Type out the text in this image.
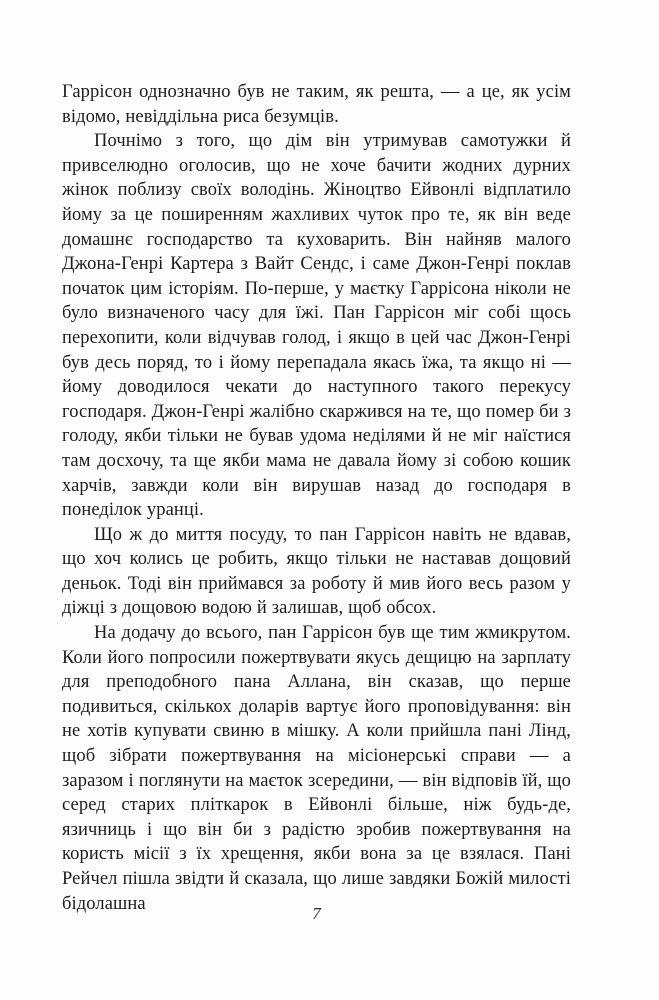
Гаррісон однозначно був не таким, як решта, — а це, як усім відомо, невіддільна риса безумців.

Почнімо з того, що дім він утримував самотужки й привселюдно оголосив, що не хоче бачити жодних дурних жінок поблизу своїх володінь. Жіноцтво Ейвонлі відплатило йому за це поширенням жахливих чуток про те, як він веде домашнє господарство та куховарить. Він найняв малого Джона-Генрі Картера з Вайт Сендс, і саме Джон-Генрі поклав початок цим історіям. По-перше, у маєтку Гаррісона ніколи не було визначеного часу для їжі. Пан Гаррісон міг собі щось перехопити, коли відчував голод, і якщо в цей час Джон-Генрі був десь поряд, то і йому перепадала якась їжа, та якщо ні — йому доводилося чекати до наступного такого перекусу господаря. Джон-Генрі жалібно скаржився на те, що помер би з голоду, якби тільки не бував удома неділями й не міг наїстися там досхочу, та ще якби мама не давала йому зі собою кошик харчів, завжди коли він вирушав назад до господаря в понеділок уранці.

Що ж до миття посуду, то пан Гаррісон навіть не вдавав, що хоч колись це робить, якщо тільки не наставав дощовий деньок. Тоді він приймався за роботу й мив його весь разом у діжці з дощовою водою й залишав, щоб обсох.

На додачу до всього, пан Гаррісон був ще тим жмикрутом. Коли його попросили пожертвувати якусь дещицю на зарплату для преподобного пана Аллана, він сказав, що перше подивиться, скількох доларів вартує його проповідування: він не хотів купувати свиню в мішку. А коли прийшла пані Лінд, щоб зібрати пожертвування на місіонерські справи — а заразом і поглянути на маєток зсередини, — він відповів їй, що серед старих пліткарок в Ейвонлі більше, ніж будь-де, язичниць і що він би з радістю зробив пожертвування на користь місії з їх хрещення, якби вона за це взялася. Пані Рейчел пішла звідти й сказала, що лише завдяки Божій милості бідолашна	7
